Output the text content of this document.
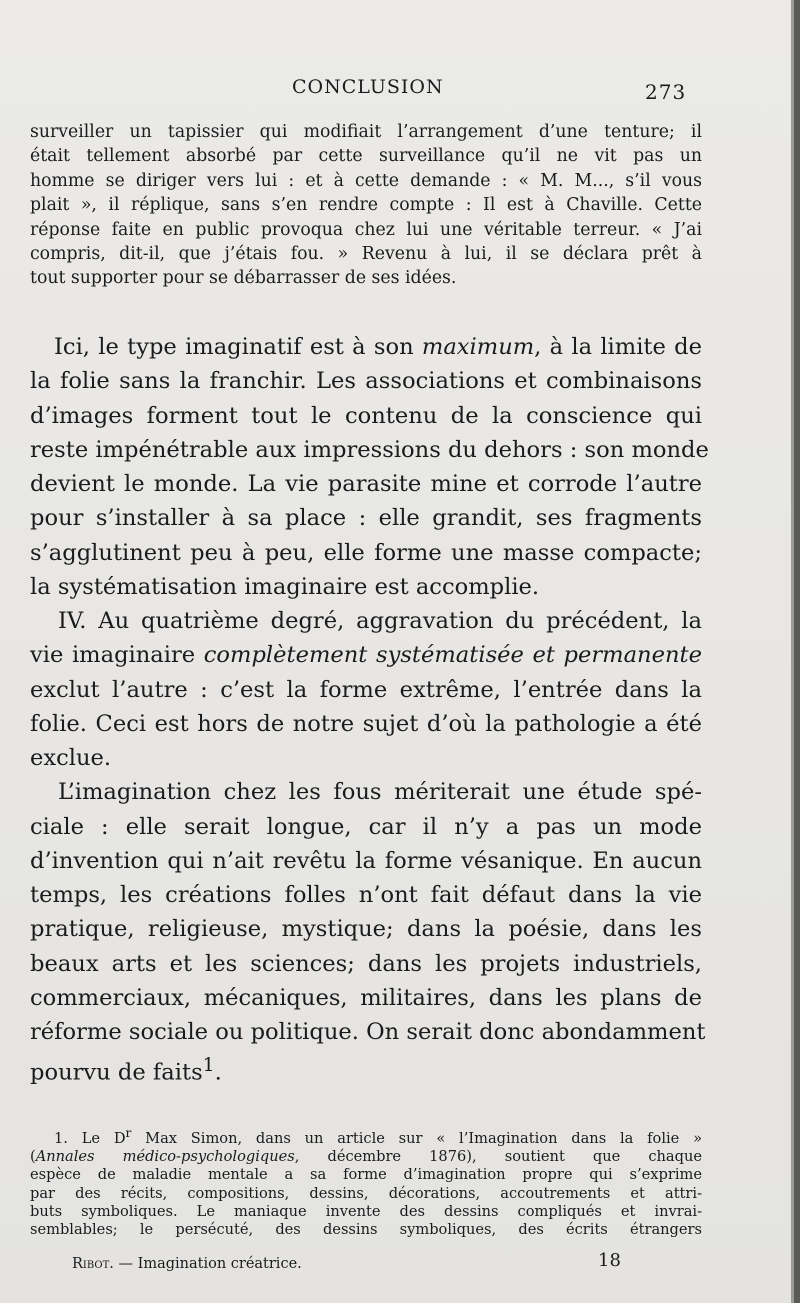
CONCLUSION	273
surveiller un tapissier qui modifiait l’arrangement d’une tenture; il
était tellement absorbé par cette surveillance qu’il ne vit pas un
homme se diriger vers lui : et à cette demande : « M. M..., s’il vous
plait », il réplique, sans s’en rendre compte : Il est à Chaville. Cette
réponse faite en public provoqua chez lui une véritable terreur. « J’ai
compris, dit-il, que j’étais fou. » Revenu à lui, il se déclara prêt à
tout supporter pour se débarrasser de ses idées.
Ici, le type imaginatif est à son maximum, à la limite de
la folie sans la franchir. Les associations et combinaisons
d’images forment tout le contenu de la conscience qui
reste impénétrable aux impressions du dehors : son monde
devient le monde. La vie parasite mine et corrode l’autre
pour s’installer à sa place : elle grandit, ses fragments
s’agglutinent peu à peu, elle forme une masse compacte;
la systématisation imaginaire est accomplie.
IV. Au quatrième degré, aggravation du précédent, la
vie imaginaire complètement systématisée et permanente
exclut l’autre : c’est la forme extrême, l’entrée dans la
folie. Ceci est hors de notre sujet d’où la pathologie a été
exclue.
L’imagination chez les fous mériterait une étude spé-
ciale : elle serait longue, car il n’y a pas un mode
d’invention qui n’ait revêtu la forme vésanique. En aucun
temps, les créations folles n’ont fait défaut dans la vie
pratique, religieuse, mystique; dans la poésie, dans les
beaux arts et les sciences; dans les projets industriels,
commerciaux, mécaniques, militaires, dans les plans de
réforme sociale ou politique. On serait donc abondamment
pourvu de faits$^1$.
1. Le $D^r$ Max Simon, dans un article sur « l’Imagination dans la folie »
(Annales médico-psychologiques, décembre 1876), soutient que chaque
espèce de maladie mentale a sa forme d’imagination propre qui s’exprime
par des récits, compositions, dessins, décorations, accoutrements et attri-
buts symboliques. Le maniaque invente des dessins compliqués et invrai-
semblables; le persécuté, des dessins symboliques, des écrits étrangers
Ribot. — Imagination créatrice.	18
